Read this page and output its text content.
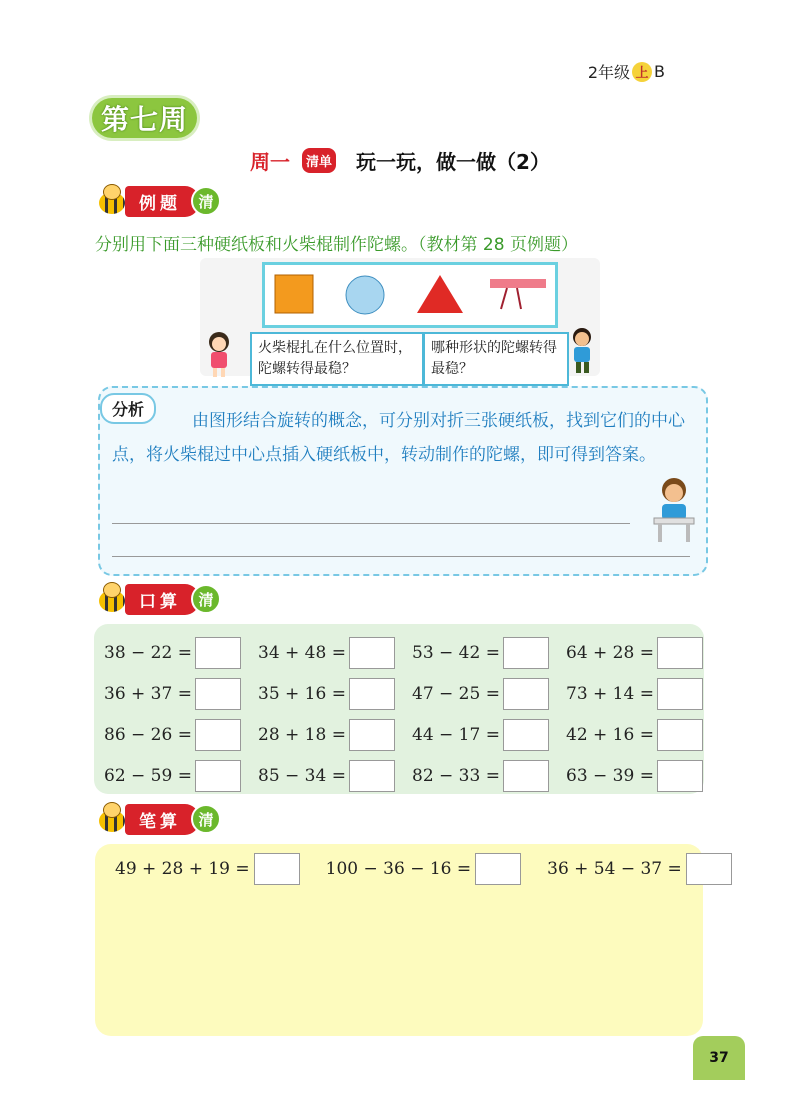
2年级 上 B
第七周
周一	清单 玩一玩，做一做（2）
例题	清
分别用下面三种硬纸板和火柴棍制作陀螺。（教材第 28 页例题）
火柴棍扎在什么位置时，陀螺转得最稳？
哪种形状的陀螺转得最稳？
分析
由图形结合旋转的概念，可分别对折三张硬纸板，找到它们的中心点，将火柴棍过中心点插入硬纸板中，转动制作的陀螺，即可得到答案。
口算	清
38 − 22 =	34 + 48 =	53 − 42 =	64 + 28 =
36 + 37 =	35 + 16 =	47 − 25 =	73 + 14 =
86 − 26 =	28 + 18 =	44 − 17 =	42 + 16 =
62 − 59 =	85 − 34 =	82 − 33 =	63 − 39 =
笔算	清
49 + 28 + 19 =	100 − 36 − 16 =	36 + 54 − 37 =
37
